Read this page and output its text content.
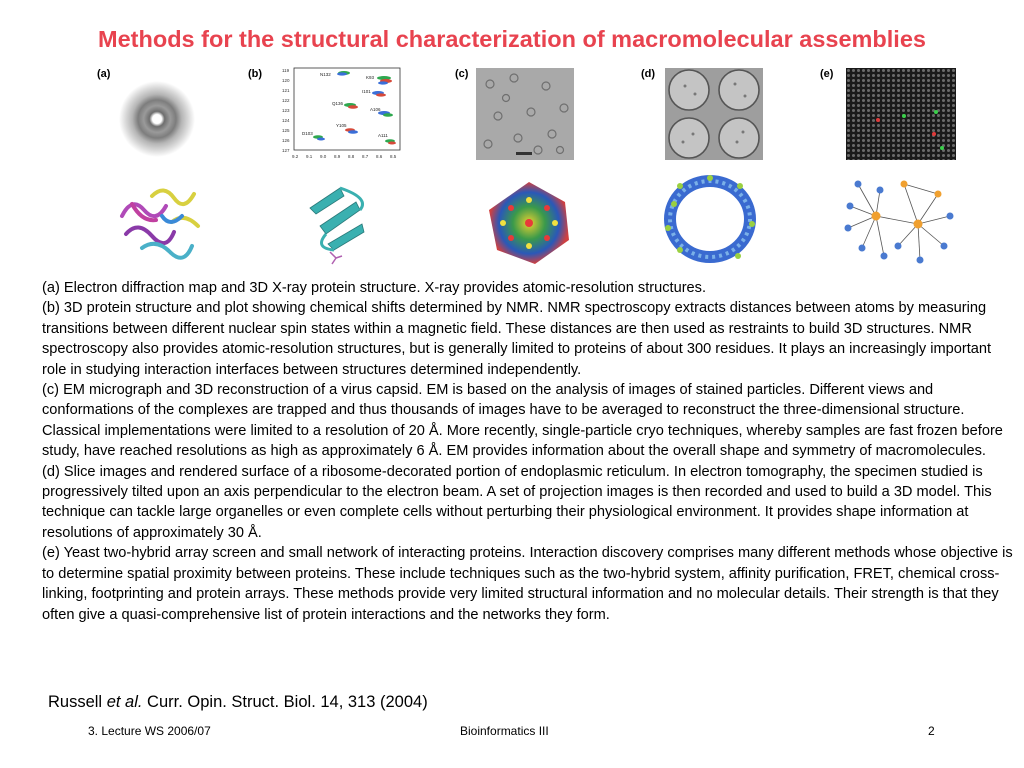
Methods for the structural characterization of macromolecular assemblies
(a)	(b)	(c)	(d)	(e)
119
120
121
122
123
124
125
126
127
9.2 9.1 9.0 8.9 8.8 8.7 8.6 8.5
N132
K93
I101
Q136
A106
Y105
D103	A111

(a) Electron diffraction map and 3D X-ray protein structure. X-ray provides atomic-resolution structures.

(b) 3D protein structure and plot showing chemical shifts determined by NMR. NMR spectroscopy extracts distances between atoms by measuring transitions between different nuclear spin states within a magnetic field. These distances are then used as restraints to build 3D structures. NMR spectroscopy also provides atomic-resolution structures, but is generally limited to proteins of about 300 residues. It plays an increasingly important role in studying interaction interfaces between structures determined independently.

(c) EM micrograph and 3D reconstruction of a virus capsid. EM is based on the analysis of images of stained particles. Different views and conformations of the complexes are trapped and thus thousands of images have to be averaged to reconstruct the three-dimensional structure. Classical implementations were limited to a resolution of 20 Å. More recently, single-particle cryo techniques, whereby samples are fast frozen before study, have reached resolutions as high as approximately 6 Å. EM provides information about the overall shape and symmetry of macromolecules.

(d) Slice images and rendered surface of a ribosome-decorated portion of endoplasmic reticulum. In electron tomography, the specimen studied is progressively tilted upon an axis perpendicular to the electron beam. A set of projection images is then recorded and used to build a 3D model. This technique can tackle large organelles or even complete cells without perturbing their physiological environment. It provides shape information at resolutions of approximately 30 Å.

(e) Yeast two-hybrid array screen and small network of interacting proteins. Interaction discovery comprises many different methods whose objective is to determine spatial proximity between proteins. These include techniques such as the two-hybrid system, affinity purification, FRET, chemical cross-linking, footprinting and protein arrays. These methods provide very limited structural information and no molecular details. Their strength is that they often give a quasi-comprehensive list of protein interactions and the networks they form.

Russell et al. Curr. Opin. Struct. Biol. 14, 313 (2004)
3. Lecture WS 2006/07	Bioinformatics III	2
